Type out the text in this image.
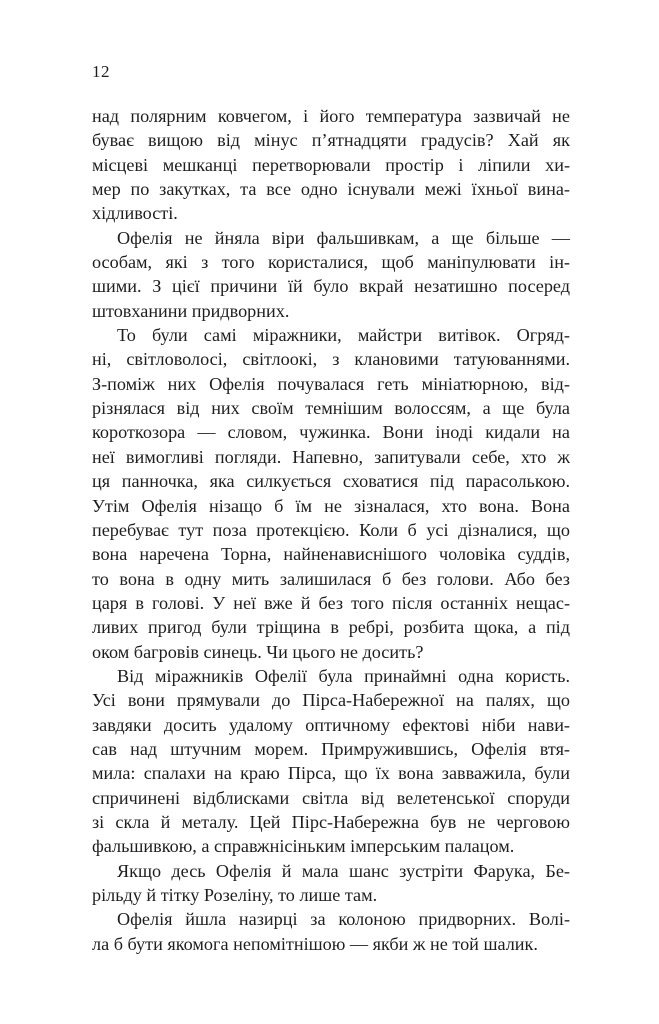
12
над полярним ковчегом, і його температура зазвичай не
буває вищою від мінус п’ятнадцяти градусів? Хай як
місцеві мешканці перетворювали простір і ліпили хи-
мер по закутках, та все одно існували межі їхньої вина-
хідливості.
Офелія не йняла віри фальшивкам, а ще більше —
особам, які з того користалися, щоб маніпулювати ін-
шими. З цієї причини їй було вкрай незатишно посеред
штовханини придворних.
То були самі міражники, майстри витівок. Огряд-
ні, світловолосі, світлоокі, з клановими татуюваннями.
З-поміж них Офелія почувалася геть мініатюрною, від-
різнялася від них своїм темнішим волоссям, а ще була
короткозора — словом, чужинка. Вони іноді кидали на
неї вимогливі погляди. Напевно, запитували себе, хто ж
ця панночка, яка силкується сховатися під парасолькою.
Утім Офелія нізащо б їм не зізналася, хто вона. Вона
перебуває тут поза протекцією. Коли б усі дізналися, що
вона наречена Торна, найненависнішого чоловіка суддів,
то вона в одну мить залишилася б без голови. Або без
царя в голові. У неї вже й без того після останніх нещас-
ливих пригод були тріщина в ребрі, розбита щока, а під
оком багровів синець. Чи цього не досить?
Від міражників Офелії була принаймні одна користь.
Усі вони прямували до Пірса-Набережної на палях, що
завдяки досить удалому оптичному ефектові ніби нави-
сав над штучним морем. Примружившись, Офелія втя-
мила: спалахи на краю Пірса, що їх вона завважила, були
спричинені відблисками світла від велетенської споруди
зі скла й металу. Цей Пірс-Набережна був не черговою
фальшивкою, а справжнісіньким імперським палацом.
Якщо десь Офелія й мала шанс зустріти Фарука, Бе-
рільду й тітку Розеліну, то лише там.
Офелія йшла назирці за колоною придворних. Волі-
ла б бути якомога непомітнішою — якби ж не той шалик.
